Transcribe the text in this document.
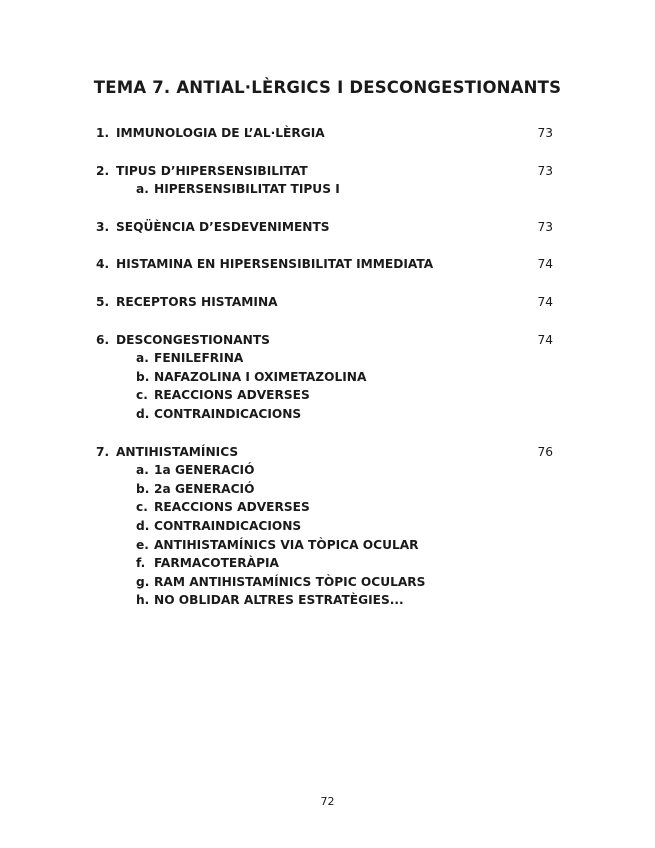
TEMA 7. ANTIAL·LÈRGICS I DESCONGESTIONANTS
1. IMMUNOLOGIA DE L’AL·LÈRGIA	73
2. TIPUS D’HIPERSENSIBILITAT	73
a. HIPERSENSIBILITAT TIPUS I
3. SEQÜÈNCIA D’ESDEVENIMENTS	73
4. HISTAMINA EN HIPERSENSIBILITAT IMMEDIATA	74
5. RECEPTORS HISTAMINA	74
6. DESCONGESTIONANTS	74
a. FENILEFRINA
b. NAFAZOLINA I OXIMETAZOLINA
c. REACCIONS ADVERSES
d. CONTRAINDICACIONS
7. ANTIHISTAMÍNICS	76
a. 1a GENERACIÓ
b. 2a GENERACIÓ
c. REACCIONS ADVERSES
d. CONTRAINDICACIONS
e. ANTIHISTAMÍNICS VIA TÒPICA OCULAR
f. FARMACOTERÀPIA
g. RAM ANTIHISTAMÍNICS TÒPIC OCULARS
h. NO OBLIDAR ALTRES ESTRATÈGIES...
72
